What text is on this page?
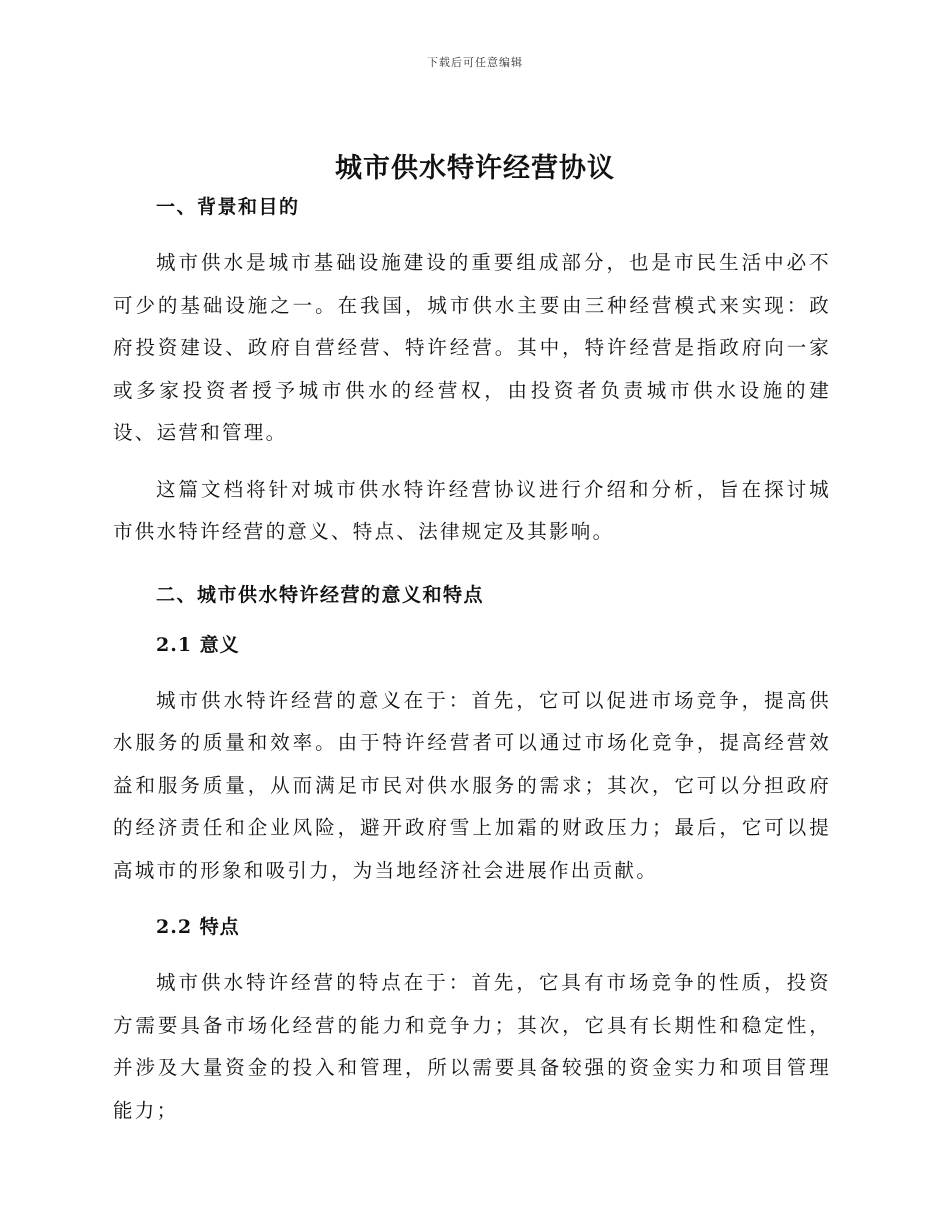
下载后可任意编辑
城市供水特许经营协议
一、背景和目的

城市供水是城市基础设施建设的重要组成部分，也是市民生活中必不可少的基础设施之一。在我国，城市供水主要由三种经营模式来实现：政府投资建设、政府自营经营、特许经营。其中，特许经营是指政府向一家或多家投资者授予城市供水的经营权，由投资者负责城市供水设施的建设、运营和管理。

这篇文档将针对城市供水特许经营协议进行介绍和分析，旨在探讨城市供水特许经营的意义、特点、法律规定及其影响。

二、城市供水特许经营的意义和特点
2.1 意义

城市供水特许经营的意义在于：首先，它可以促进市场竞争，提高供水服务的质量和效率。由于特许经营者可以通过市场化竞争，提高经营效益和服务质量，从而满足市民对供水服务的需求；其次，它可以分担政府的经济责任和企业风险，避开政府雪上加霜的财政压力；最后，它可以提高城市的形象和吸引力，为当地经济社会进展作出贡献。

2.2 特点

城市供水特许经营的特点在于：首先，它具有市场竞争的性质，投资方需要具备市场化经营的能力和竞争力；其次，它具有长期性和稳定性，并涉及大量资金的投入和管理，所以需要具备较强的资金实力和项目管理能力；
